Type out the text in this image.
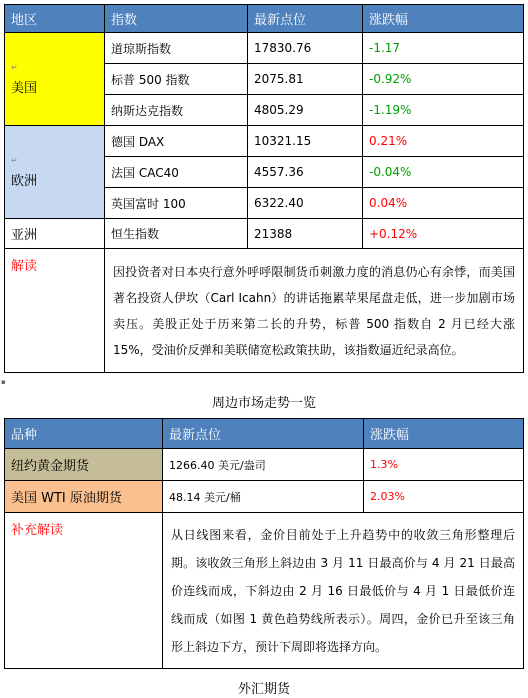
地区	指数	最新点位	涨跌幅
↵
美国	道琼斯指数	17830.76	-1.17
	标普 500 指数	2075.81	-0.92%
	纳斯达克指数	4805.29	-1.19%
↵
欧洲	德国 DAX	10321.15	0.21%
	法国 CAC40	4557.36	-0.04%
	英国富时 100	6322.40	0.04%
亚洲	恒生指数	21388	+0.12%
解读	因投资者对日本央行意外呼呼限制货币刺激力度的消息仍心有余悸，而美国著名投资人伊坎（Carl Icahn）的讲话拖累苹果尾盘走低，进一步加剧市场卖压。美股正处于历来第二长的升势，标普 500 指数自 2 月已经大涨 15%，受油价反弹和美联储宽松政策扶助，该指数逼近纪录高位。		
▪
周边市场走势一览
品种	最新点位	涨跌幅
纽约黄金期货	1266.40 美元/盎司	1.3%
美国 WTI 原油期货	48.14 美元/桶	2.03%
补充解读	从日线图来看，金价目前处于上升趋势中的收敛三角形整理后期。该收敛三角形上斜边由 3 月 11 日最高价与 4 月 21 日最高价连线而成，下斜边由 2 月 16 日最低价与 4 月 1 日最低价连线而成（如图 1 黄色趋势线所表示）。周四，金价已升至该三角形上斜边下方，预计下周即将选择方向。	
外汇期货
